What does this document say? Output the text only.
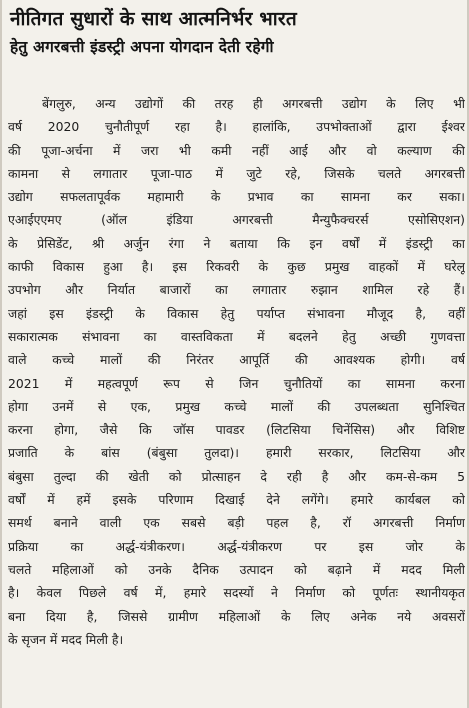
नीतिगत सुधारों के साथ आत्मनिर्भर भारत
हेतु अगरबत्ती इंडस्ट्री अपना योगदान देती रहेगी
बेंगलुरु, अन्य उद्योगों की तरह ही अगरबत्ती उद्योग के लिए भी
वर्ष 2020 चुनौतीपूर्ण रहा है। हालांकि, उपभोक्ताओं द्वारा ईश्वर
की पूजा-अर्चना में जरा भी कमी नहीं आई और वो कल्याण की
कामना से लगातार पूजा-पाठ में जुटे रहे, जिसके चलते अगरबत्ती
उद्योग सफलतापूर्वक महामारी के प्रभाव का सामना कर सका।
एआईएएमए (ऑल इंडिया अगरबत्ती मैन्युफैक्चरर्स एसोसिएशन)
के प्रेसिडेंट, श्री अर्जुन रंगा ने बताया कि इन वर्षों में इंडस्ट्री का
काफी विकास हुआ है। इस रिकवरी के कुछ प्रमुख वाहकों में घरेलू
उपभोग और निर्यात बाजारों का लगातार रुझान शामिल रहे हैं।
जहां इस इंडस्ट्री के विकास हेतु पर्याप्त संभावना मौजूद है, वहीं
सकारात्मक संभावना का वास्तविकता में बदलने हेतु अच्छी गुणवत्ता
वाले कच्चे मालों की निरंतर आपूर्ति की आवश्यक होगी। वर्ष
2021 में महत्वपूर्ण रूप से जिन चुनौतियों का सामना करना
होगा उनमें से एक, प्रमुख कच्चे मालों की उपलब्धता सुनिश्चित
करना होगा, जैसे कि जॉस पावडर (लिटसिया चिनेंसिस) और विशिष्ट
प्रजाति के बांस (बंबुसा तुलदा)। हमारी सरकार, लिटसिया और
बंबुसा तुल्दा की खेती को प्रोत्साहन दे रही है और कम-से-कम 5
वर्षों में हमें इसके परिणाम दिखाई देने लगेंगे। हमारे कार्यबल को
समर्थ बनाने वाली एक सबसे बड़ी पहल है, रॉ अगरबत्ती निर्माण
प्रक्रिया का अर्द्ध-यंत्रीकरण। अर्द्ध-यंत्रीकरण पर इस जोर के
चलते महिलाओं को उनके दैनिक उत्पादन को बढ़ाने में मदद मिली
है। केवल पिछले वर्ष में, हमारे सदस्यों ने निर्माण को पूर्णतः स्थानीयकृत
बना दिया है, जिससे ग्रामीण महिलाओं के लिए अनेक नये अवसरों
के सृजन में मदद मिली है।
